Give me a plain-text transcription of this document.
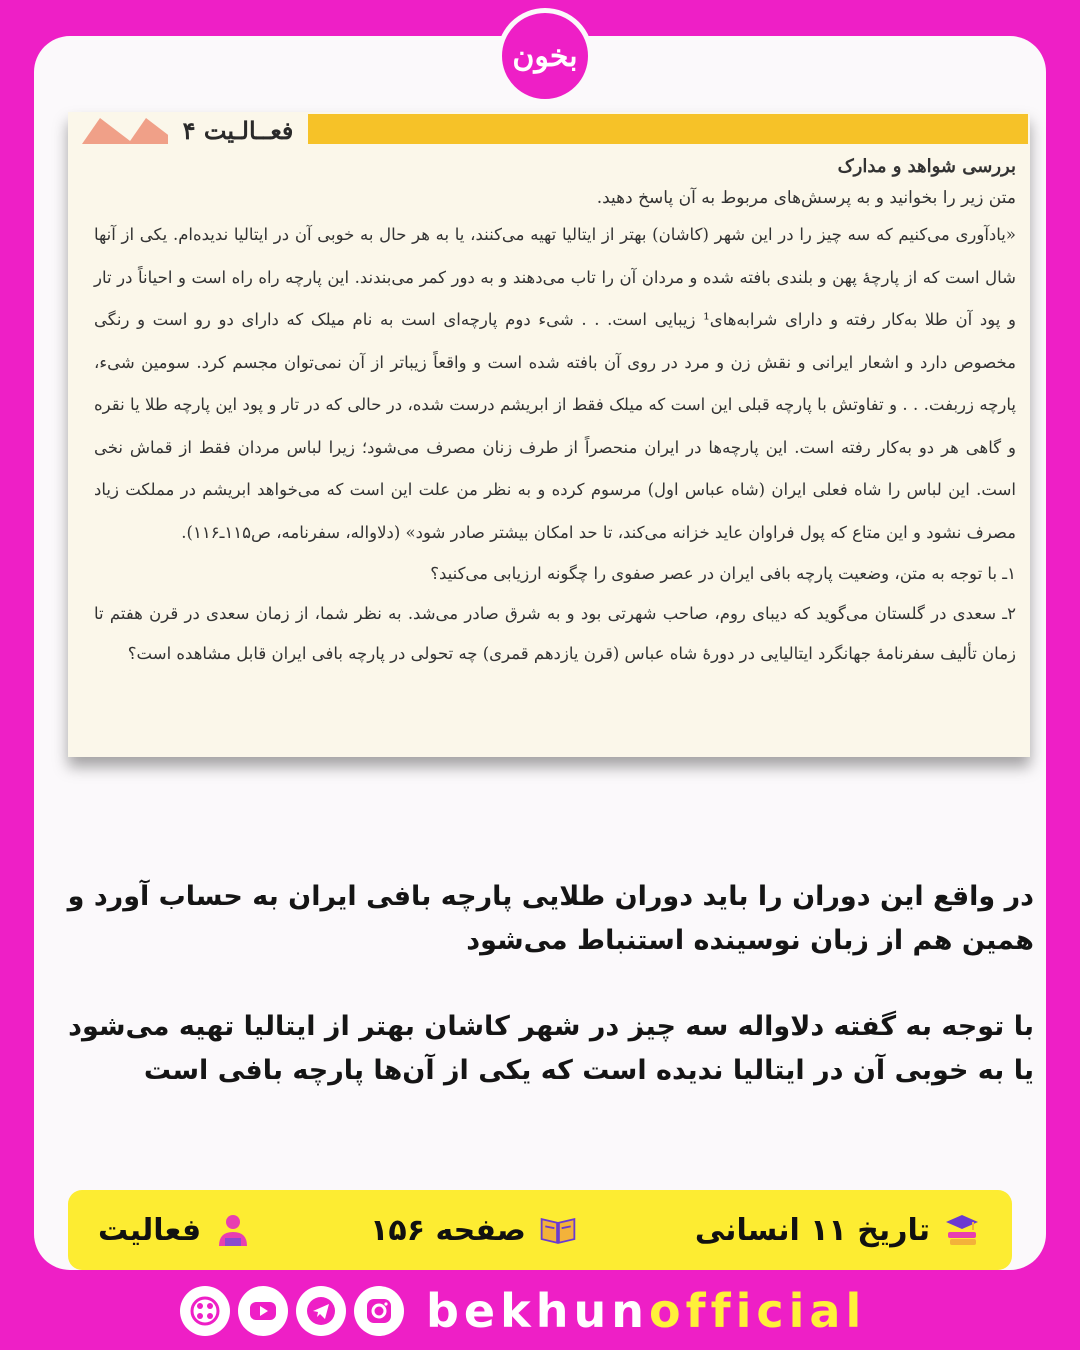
بخون
فعــالـیت ۴

بررسی شواهد و مدارک

متن زیر را بخوانید و به پرسش‌های مربوط به آن پاسخ دهید.

«یادآوری می‌کنیم که سه چیز را در این شهر (کاشان) بهتر از ایتالیا تهیه می‌کنند، یا به هر حال به خوبی آن در ایتالیا ندیده‌ام. یکی از آنها شال است که از پارچهٔ پهن و بلندی بافته شده و مردان آن را تاب می‌دهند و به دور کمر می‌بندند. این پارچه راه راه است و احیاناً در تار و پود آن طلا به‌کار رفته و دارای شرابه‌های¹ زیبایی است. . . شیء دوم پارچه‌ای است به نام میلک که دارای دو رو است و رنگی مخصوص دارد و اشعار ایرانی و نقش زن و مرد در روی آن بافته شده است و واقعاً زیباتر از آن نمی‌توان مجسم کرد. سومین شیء، پارچه زربفت. . . و تفاوتش با پارچه قبلی این است که میلک فقط از ابریشم درست شده، در حالی که در تار و پود این پارچه طلا یا نقره و گاهی هر دو به‌کار رفته است. این پارچه‌ها در ایران منحصراً از طرف زنان مصرف می‌شود؛ زیرا لباس مردان فقط از قماش نخی است. این لباس را شاه فعلی ایران (شاه عباس اول) مرسوم کرده و به نظر من علت این است که می‌خواهد ابریشم در مملکت زیاد مصرف نشود و این متاع که پول فراوان عاید خزانه می‌کند، تا حد امکان بیشتر صادر شود» (دلاواله، سفرنامه، ص۱۱۵ـ۱۱۶).

۱ـ با توجه به متن، وضعیت پارچه بافی ایران در عصر صفوی را چگونه ارزیابی می‌کنید؟

۲ـ سعدی در گلستان می‌گوید که دیبای روم، صاحب شهرتی بود و به شرق صادر می‌شد. به نظر شما، از زمان سعدی در قرن هفتم تا زمان تألیف سفرنامهٔ جهانگرد ایتالیایی در دورهٔ شاه عباس (قرن یازدهم قمری) چه تحولی در پارچه بافی ایران قابل مشاهده است؟

در واقع این دوران را باید دوران طلایی پارچه بافی ایران به حساب آورد و همین هم از زبان نوسینده استنباط می‌شود
با توجه به گفته دلاواله سه چیز در شهر کاشان بهتر از ایتالیا تهیه می‌شود یا به خوبی آن در ایتالیا ندیده است که یکی از آن‌ها پارچه بافی است
فعالیت	صفحه ۱۵۶	تاریخ ۱۱ انسانی
bekhunofficial
